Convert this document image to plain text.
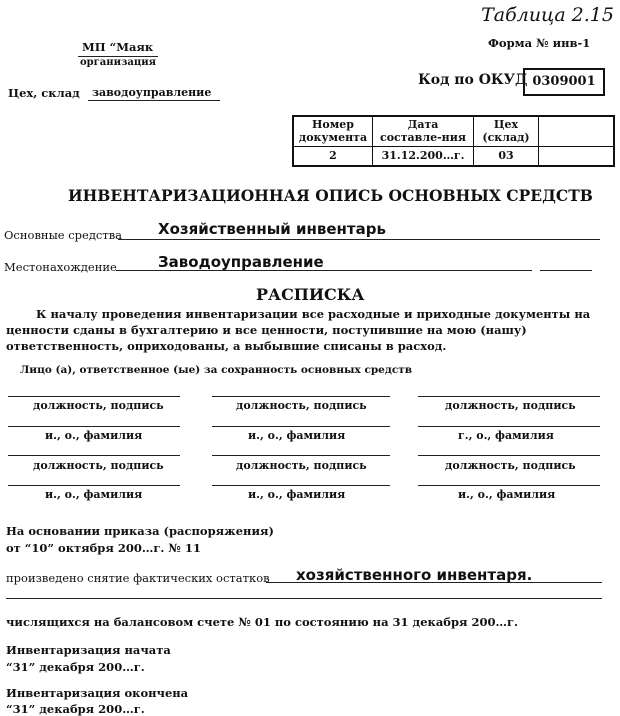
Таблица 2.15
Форма № инв-1
МП “Маяк
организация
Цех, склад заводоуправление
Код по ОКУД 0309001
Номер документа	Дата составле-ния	Цех (склад)	
2	31.12.200…г.	03	
ИНВЕНТАРИЗАЦИОННАЯ ОПИСЬ ОСНОВНЫХ СРЕДСТВ
Основные средства Хозяйственный инвентарь
Местонахождение	Заводоуправление
РАСПИСКА
К началу проведения инвентаризации все расходные и приходные документы на ценности сданы в бухгалтерию и все ценности, поступившие на мою (нашу) ответственность, оприходованы, а выбывшие списаны в расход.
Лицо (а), ответственное (ые) за сохранность основных средств
должность, подпись	должность, подпись	должность, подпись
и., о., фамилия	и., о., фамилия	г., о., фамилия
должность, подпись	должность, подпись	должность, подпись
и., о., фамилия	и., о., фамилия	и., о., фамилия
На основании приказа (распоряжения)
от “10” октября 200…г. № 11
произведено снятие фактических остатков хозяйственного инвентаря.
числящихся на балансовом счете № 01 по состоянию на 31 декабря 200…г.
Инвентаризация начата
“31” декабря 200…г.
Инвентаризация окончена
“31” декабря 200…г.
